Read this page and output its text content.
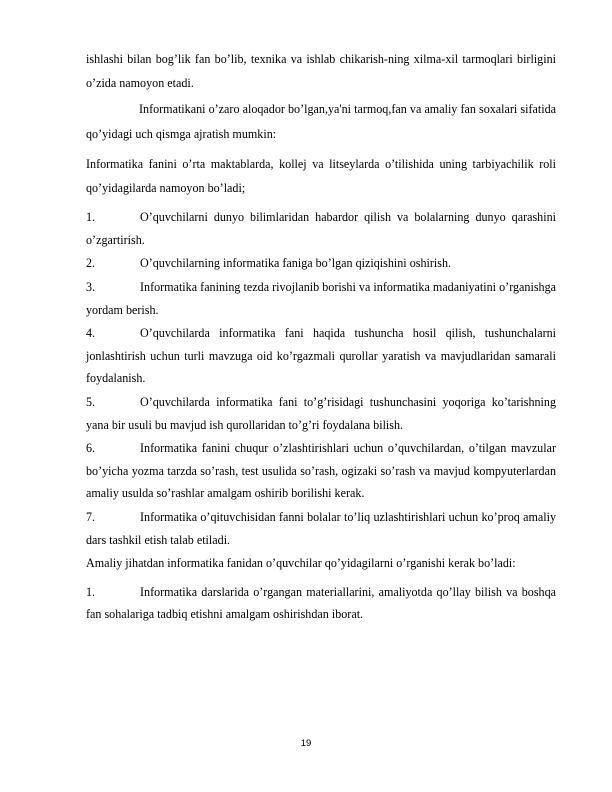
ishlashi bilan bog’lik fan bo’lib, texnika va ishlab chikarish-ning xilma-xil tarmoqlari birligini o’zida namoyon etadi.

Informatikani o’zaro aloqador bo’lgan,ya'ni tarmoq,fan va amaliy fan soxalari sifatida qo’yidagi uch qismga ajratish mumkin:

Informatika fanini o’rta maktablarda, kollej va litseylarda o’tilishida uning tarbiyachilik roli qo’yidagilarda namoyon bo’ladi;

1.	O’quvchilarni dunyo bilimlaridan habardor qilish va bolalarning dunyo qarashini o’zgartirish.

2.	O’quvchilarning informatika faniga bo’lgan qiziqishini oshirish.

3.	Informatika fanining tezda rivojlanib borishi va informatika madaniyatini o’rganishga yordam berish.

4.	O’quvchilarda informatika fani haqida tushuncha hosil qilish, tushunchalarni jonlashtirish uchun turli mavzuga oid ko’rgazmali qurollar yaratish va mavjudlaridan samarali foydalanish.

5.	O’quvchilarda informatika fani to’g’risidagi tushunchasini yoqoriga ko’tarishning yana bir usuli bu mavjud ish qurollaridan to’g’ri foydalana bilish.

6.	Informatika fanini chuqur o’zlashtirishlari uchun o’quvchilardan, o’tilgan mavzular bo’yicha yozma tarzda so’rash, test usulida so’rash, ogizaki so’rash va mavjud kompyuterlardan amaliy usulda so’rashlar amalgam oshirib borilishi kerak.

7.	Informatika o’qituvchisidan fanni bolalar to’liq uzlashtirishlari uchun ko’proq amaliy dars tashkil etish talab etiladi.

Amaliy jihatdan informatika fanidan o’quvchilar qo’yidagilarni o’rganishi kerak bo’ladi:

1.	Informatika darslarida o’rgangan materiallarini, amaliyotda qo’llay bilish va boshqa fan sohalariga tadbiq etishni amalgam oshirishdan iborat.

19
